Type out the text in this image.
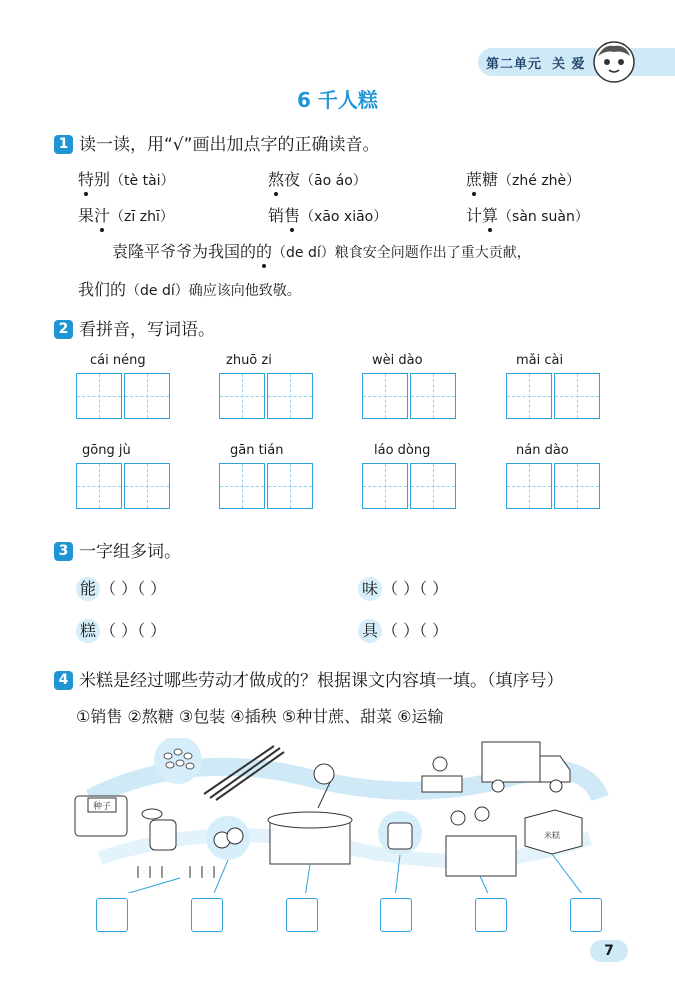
第二单元 关 爱
6 千人糕
1 读一读，用“√”画出加点字的正确读音。
特别（tè tài）	熬夜（āo áo）	蔗糖（zhé zhè）
果汁（zī zhī）	销售（xāo xiāo）	计算（sàn suàn）
袁隆平爷爷为我国的的（de dí）粮食安全问题作出了重大贡献，
我们的（de dí）确应该向他致敬。
2 看拼音，写词语。
cái néng	zhuō zi	wèi dào	mǎi cài
gōng jù	gān tián	láo dòng	nán dào
3 一字组多词。
能 （ ）（ ）	味 （ ）（ ）
糕 （ ）（ ）	具 （ ）（ ）
4 米糕是经过哪些劳动才做成的？根据课文内容填一填。（填序号）
①销售 ②熬糖 ③包装 ④插秧 ⑤种甘蔗、甜菜 ⑥运输
种子
米糕
7
